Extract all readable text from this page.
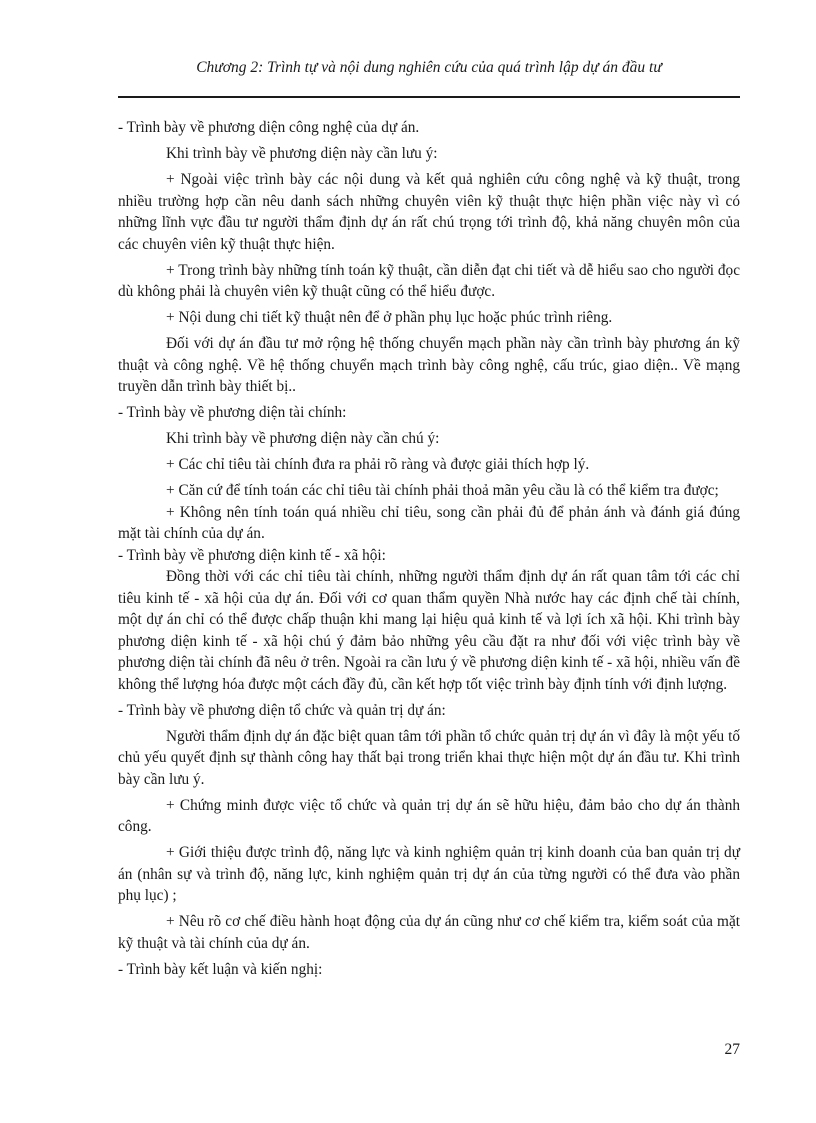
Chương 2: Trình tự và nội dung nghiên cứu của quá trình lập dự án đầu tư

- Trình bày về phương diện công nghệ của dự án.

Khi trình bày về phương diện này cần lưu ý:

+ Ngoài việc trình bày các nội dung và kết quả nghiên cứu công nghệ và kỹ thuật, trong nhiều trường hợp cần nêu danh sách những chuyên viên kỹ thuật thực hiện phần việc này vì có những lĩnh vực đầu tư người thẩm định dự án rất chú trọng tới trình độ, khả năng chuyên môn của các chuyên viên kỹ thuật thực hiện.

+ Trong trình bày những tính toán kỹ thuật, cần diễn đạt chi tiết và dễ hiểu sao cho người đọc dù không phải là chuyên viên kỹ thuật cũng có thể hiểu được.

+ Nội dung chi tiết kỹ thuật nên để ở phần phụ lục hoặc phúc trình riêng.

Đối với dự án đầu tư mở rộng hệ thống chuyển mạch phần này cần trình bày phương án kỹ thuật và công nghệ. Về hệ thống chuyển mạch trình bày công nghệ, cấu trúc, giao diện.. Về mạng truyền dẫn trình bày thiết bị..

- Trình bày về phương diện tài chính:

Khi trình bày về phương diện này cần chú ý:

+ Các chỉ tiêu tài chính đưa ra phải rõ ràng và được giải thích hợp lý.

+ Căn cứ để tính toán các chỉ tiêu tài chính phải thoả mãn yêu cầu là có thể kiểm tra được;

+ Không nên tính toán quá nhiều chỉ tiêu, song cần phải đủ để phản ánh và đánh giá đúng mặt tài chính của dự án.

- Trình bày về phương diện kinh tế - xã hội:

Đồng thời với các chỉ tiêu tài chính, những người thẩm định dự án rất quan tâm tới các chỉ tiêu kinh tế - xã hội của dự án. Đối với cơ quan thẩm quyền Nhà nước hay các định chế tài chính, một dự án chỉ có thể được chấp thuận khi mang lại hiệu quả kinh tế và lợi ích xã hội. Khi trình bày phương diện kinh tế - xã hội chú ý đảm bảo những yêu cầu đặt ra như đối với việc trình bày về phương diện tài chính đã nêu ở trên. Ngoài ra cần lưu ý về phương diện kinh tế - xã hội, nhiều vấn đề không thể lượng hóa được một cách đầy đủ, cần kết hợp tốt việc trình bày định tính với định lượng.

- Trình bày về phương diện tổ chức và quản trị dự án:

Người thẩm định dự án đặc biệt quan tâm tới phần tổ chức quản trị dự án vì đây là một yếu tố chủ yếu quyết định sự thành công hay thất bại trong triển khai thực hiện một dự án đầu tư. Khi trình bày cần lưu ý.

+ Chứng minh được việc tổ chức và quản trị dự án sẽ hữu hiệu, đảm bảo cho dự án thành công.

+ Giới thiệu được trình độ, năng lực và kinh nghiệm quản trị kinh doanh của ban quản trị dự án (nhân sự và trình độ, năng lực, kinh nghiệm quản trị dự án của từng người có thể đưa vào phần phụ lục) ;

+ Nêu rõ cơ chế điều hành hoạt động của dự án cũng như cơ chế kiểm tra, kiểm soát của mặt kỹ thuật và tài chính của dự án.

- Trình bày kết luận và kiến nghị:

27
